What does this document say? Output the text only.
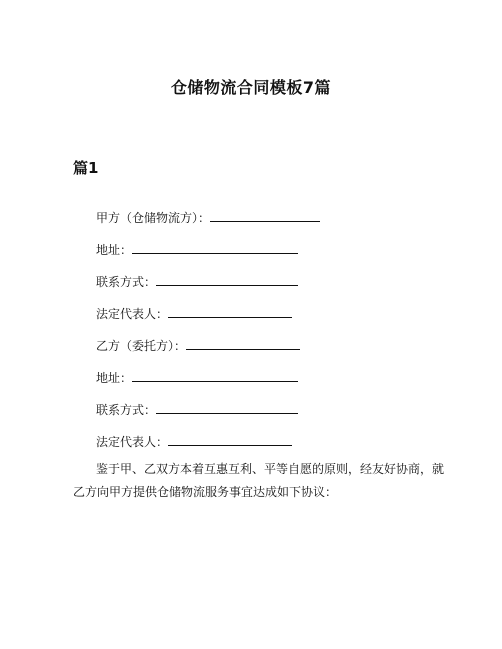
仓储物流合同模板7篇
篇1
甲方（仓储物流方）：
地址：
联系方式：
法定代表人：
乙方（委托方）：
地址：
联系方式：
法定代表人：

鉴于甲、乙双方本着互惠互利、平等自愿的原则，经友好协商，就乙方向甲方提供仓储物流服务事宜达成如下协议：
